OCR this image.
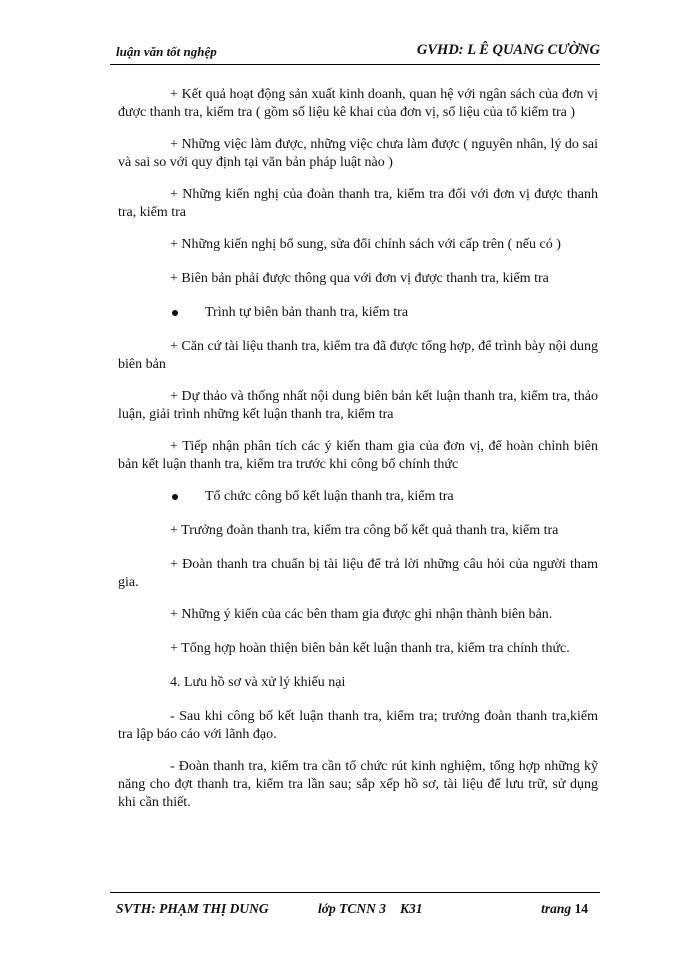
luận văn tốt nghệp	GVHD: L Ê QUANG CƯỜNG

+ Kết quả hoạt động sản xuất kinh doanh, quan hệ với ngân sách của đơn vị được thanh tra, kiểm tra ( gồm số liệu kê khai của đơn vị, số liệu của tổ kiểm tra )

+ Những việc làm được, những việc chưa làm được ( nguyên nhân, lý do sai và sai so với quy định tại văn bản pháp luật nào )

+ Những kiến nghị của đoàn thanh tra, kiểm tra đối với đơn vị được thanh tra, kiểm tra

+ Những kiến nghị bổ sung, sửa đổi chính sách với cấp trên ( nếu có )

+ Biên bản phải được thông qua với đơn vị được thanh tra, kiểm tra

Trình tự biên bản thanh tra, kiểm tra

+ Căn cứ tài liệu thanh tra, kiểm tra đã được tổng hợp, để trình bày nội dung biên bản

+ Dự thảo và thống nhất nội dung biên bản kết luận thanh tra, kiểm tra, thảo luận, giải trình những kết luận thanh tra, kiểm tra

+ Tiếp nhận phân tích các ý kiến tham gia của đơn vị, để hoàn chỉnh biên bản kết luận thanh tra, kiểm tra trước khi công bố chính thức

Tổ chức công bố kết luận thanh tra, kiểm tra

+ Trưởng đoàn thanh tra, kiểm tra công bố kết quả thanh tra, kiểm tra

+ Đoàn thanh tra chuẩn bị tài liệu để trả lời những câu hỏi của người tham gia.

+ Những ý kiến của các bên tham gia được ghi nhận thành biên bản.

+ Tổng hợp hoàn thiện biên bản kết luận thanh tra, kiểm tra chính thức.

4. Lưu hồ sơ và xử lý khiếu nại

- Sau khi công bố kết luận thanh tra, kiểm tra; trưởng đoàn thanh tra,kiểm tra lập báo cáo với lãnh đạo.

- Đoàn thanh tra, kiểm tra cần tổ chức rút kinh nghiệm, tổng hợp những kỹ năng cho đợt thanh tra, kiểm tra lần sau; sắp xếp hồ sơ, tài liệu để lưu trữ, sử dụng khi cần thiết.

SVTH: PHẠM THỊ DUNG	lớp TCNN 3 K31	trang 14
